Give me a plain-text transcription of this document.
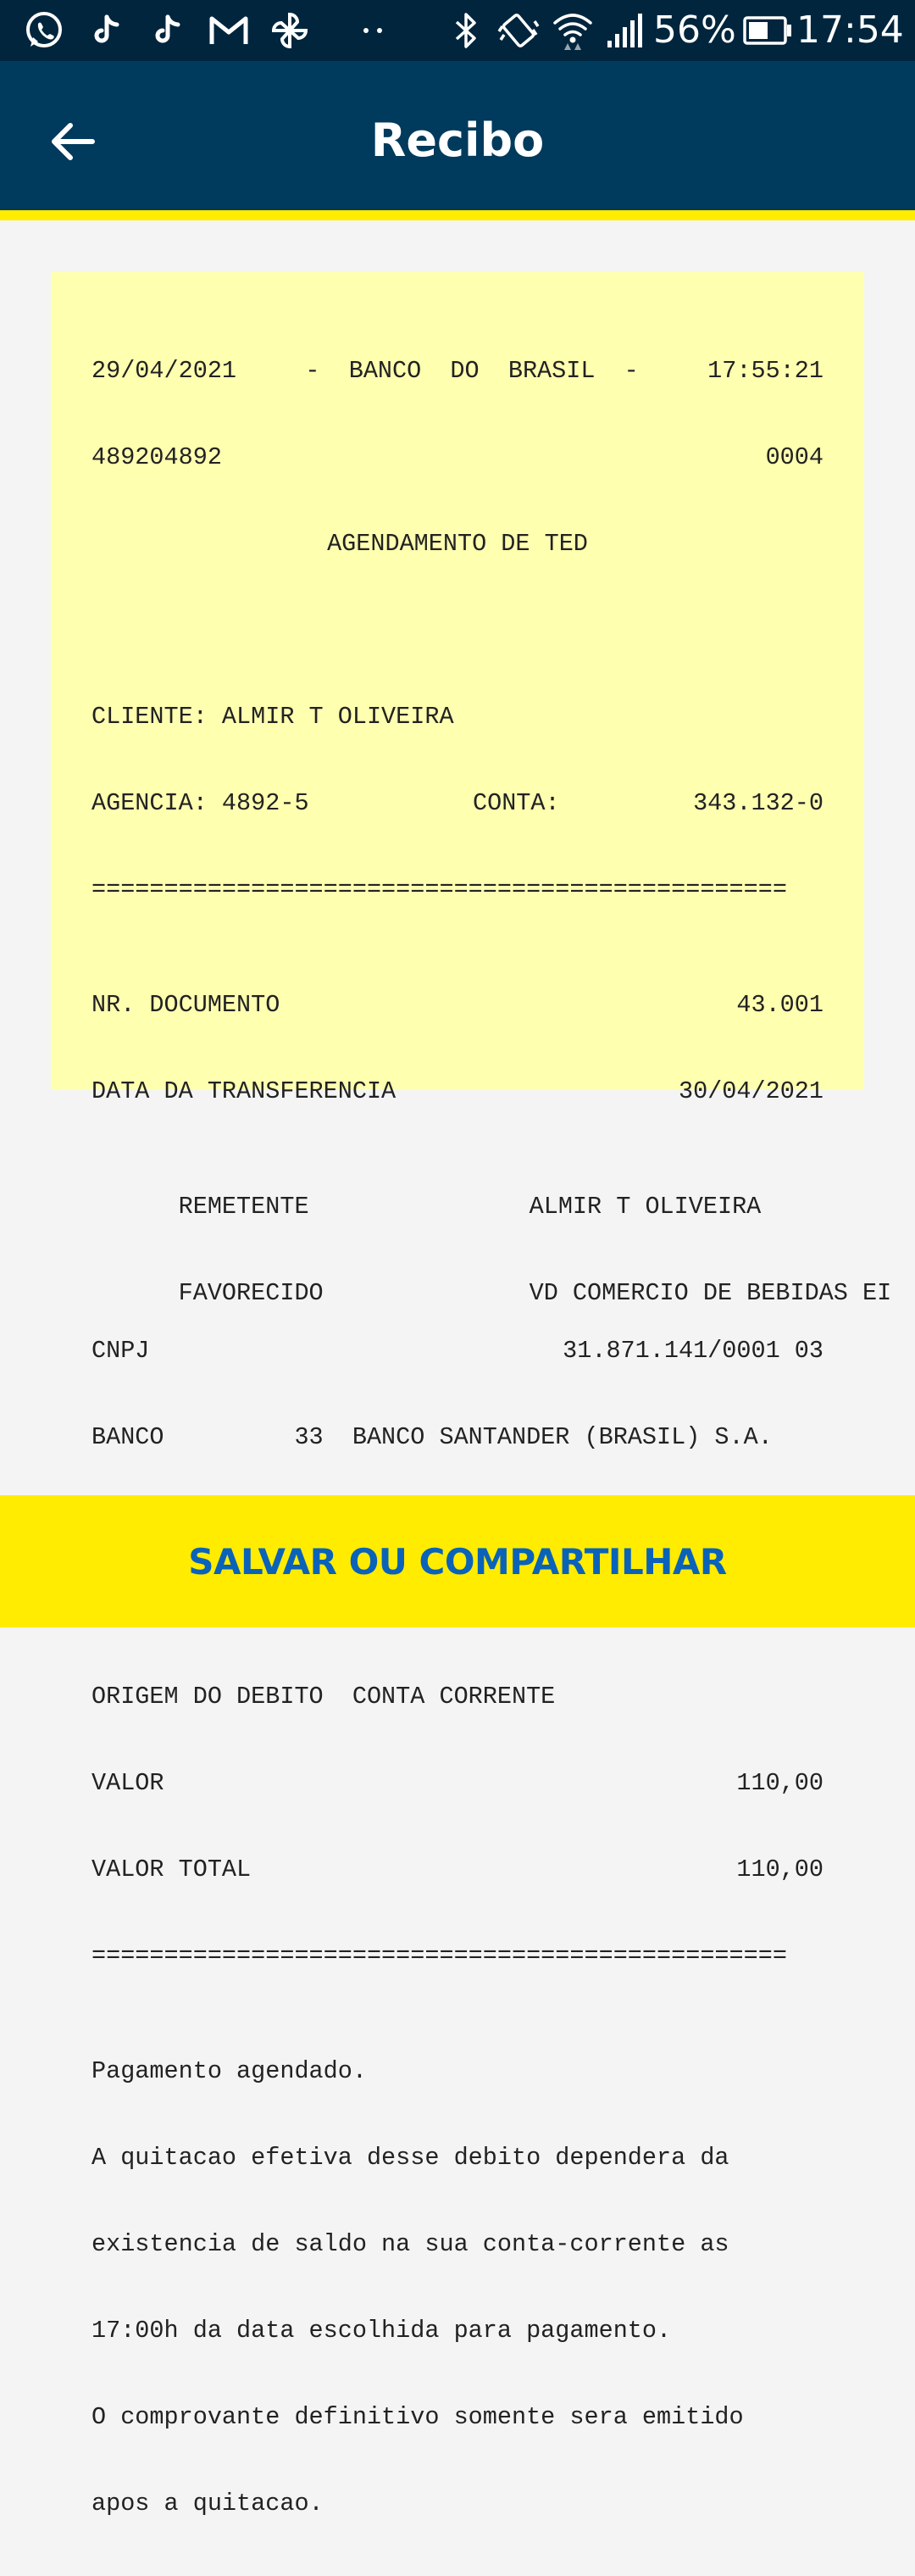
56% 17:54
Recibo

29/04/2021	-  BANCO  DO  BRASIL  -	17:55:21

489204892	0004

AGENDAMENTO DE TED

CLIENTE: ALMIR T OLIVEIRA

AGENCIA: 4892-5	CONTA:	343.132-0

================================================

NR. DOCUMENTO	43.001

DATA DA TRANSFERENCIA	30/04/2021

REMETENTE	ALMIR T OLIVEIRA

FAVORECIDO	VD COMERCIO DE BEBIDAS EI

CNPJ	31.871.141/0001 03

BANCO         33  BANCO SANTANDER (BRASIL) S.A.

ORIGEM DO DEBITO  CONTA CORRENTE

VALOR	110,00

VALOR TOTAL	110,00

================================================

Pagamento agendado.

A quitacao efetiva desse debito dependera da

existencia de saldo na sua conta-corrente as

17:00h da data escolhida para pagamento.

O comprovante definitivo somente sera emitido

apos a quitacao.

SALVAR OU COMPARTILHAR
